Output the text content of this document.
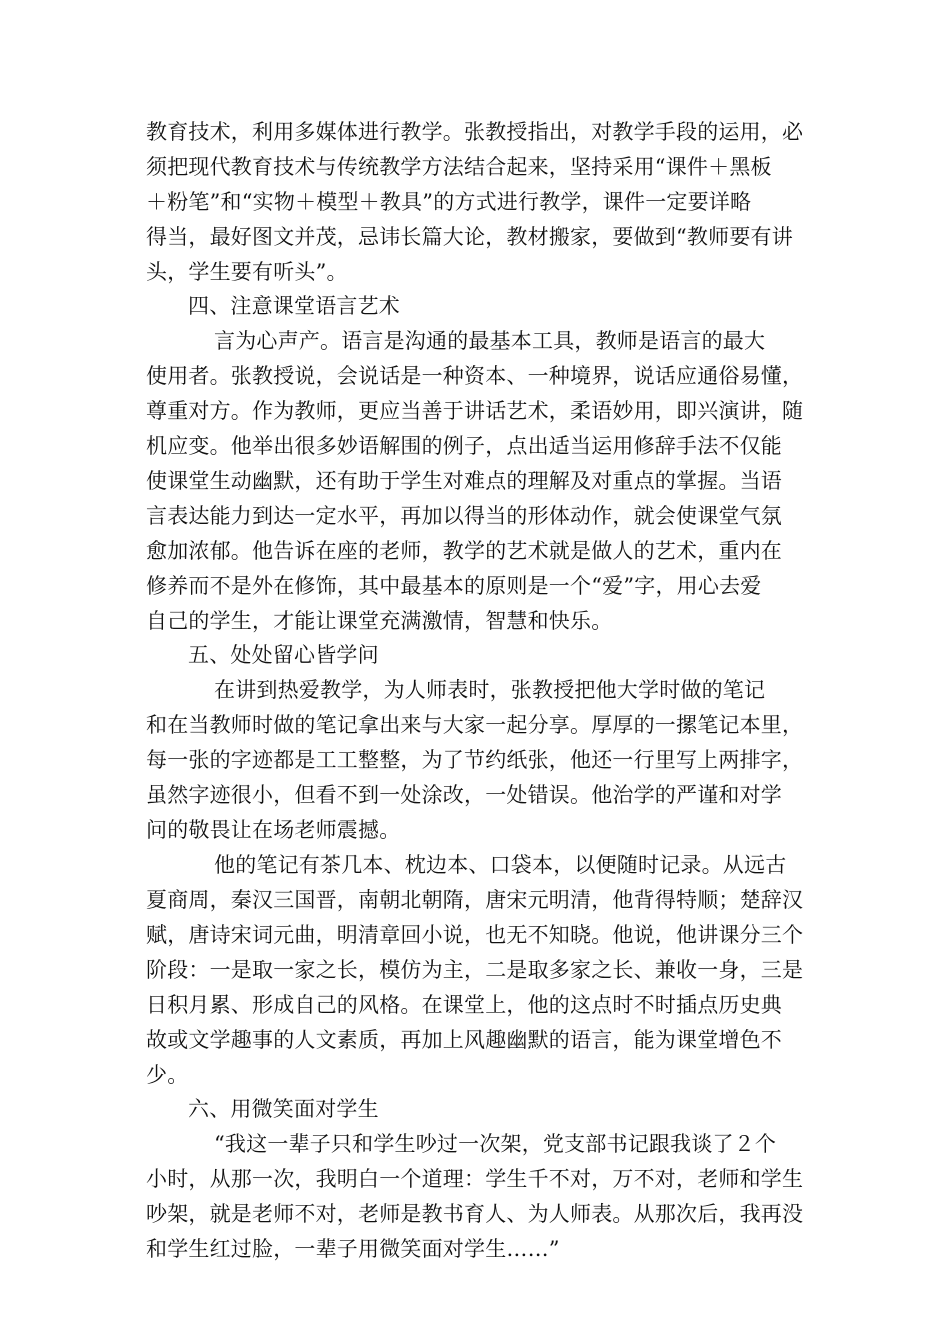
教育技术，利用多媒体进行教学。张教授指出，对教学手段的运用，必
须把现代教育技术与传统教学方法结合起来，坚持采用“课件＋黑板
＋粉笔”和“实物＋模型＋教具”的方式进行教学，课件一定要详略
得当，最好图文并茂，忌讳长篇大论，教材搬家，要做到“教师要有讲
头，学生要有听头”。
四、注意课堂语言艺术
言为心声产。语言是沟通的最基本工具，教师是语言的最大
使用者。张教授说，会说话是一种资本、一种境界，说话应通俗易懂，
尊重对方。作为教师，更应当善于讲话艺术，柔语妙用，即兴演讲，随
机应变。他举出很多妙语解围的例子，点出适当运用修辞手法不仅能
使课堂生动幽默，还有助于学生对难点的理解及对重点的掌握。当语
言表达能力到达一定水平，再加以得当的形体动作，就会使课堂气氛
愈加浓郁。他告诉在座的老师，教学的艺术就是做人的艺术，重内在
修养而不是外在修饰，其中最基本的原则是一个“爱”字，用心去爱
自己的学生，才能让课堂充满激情，智慧和快乐。
五、处处留心皆学问
在讲到热爱教学，为人师表时，张教授把他大学时做的笔记
和在当教师时做的笔记拿出来与大家一起分享。厚厚的一摞笔记本里，
每一张的字迹都是工工整整，为了节约纸张，他还一行里写上两排字，
虽然字迹很小，但看不到一处涂改，一处错误。他治学的严谨和对学
问的敬畏让在场老师震撼。
他的笔记有茶几本、枕边本、口袋本，以便随时记录。从远古
夏商周，秦汉三国晋，南朝北朝隋，唐宋元明清，他背得特顺；楚辞汉
赋，唐诗宋词元曲，明清章回小说，也无不知晓。他说，他讲课分三个
阶段：一是取一家之长，模仿为主，二是取多家之长、兼收一身，三是
日积月累、形成自己的风格。在课堂上，他的这点时不时插点历史典
故或文学趣事的人文素质，再加上风趣幽默的语言，能为课堂增色不
少。
六、用微笑面对学生
“我这一辈子只和学生吵过一次架，党支部书记跟我谈了２个
小时，从那一次，我明白一个道理：学生千不对，万不对，老师和学生
吵架，就是老师不对，老师是教书育人、为人师表。从那次后，我再没
和学生红过脸，一辈子用微笑面对学生……”
